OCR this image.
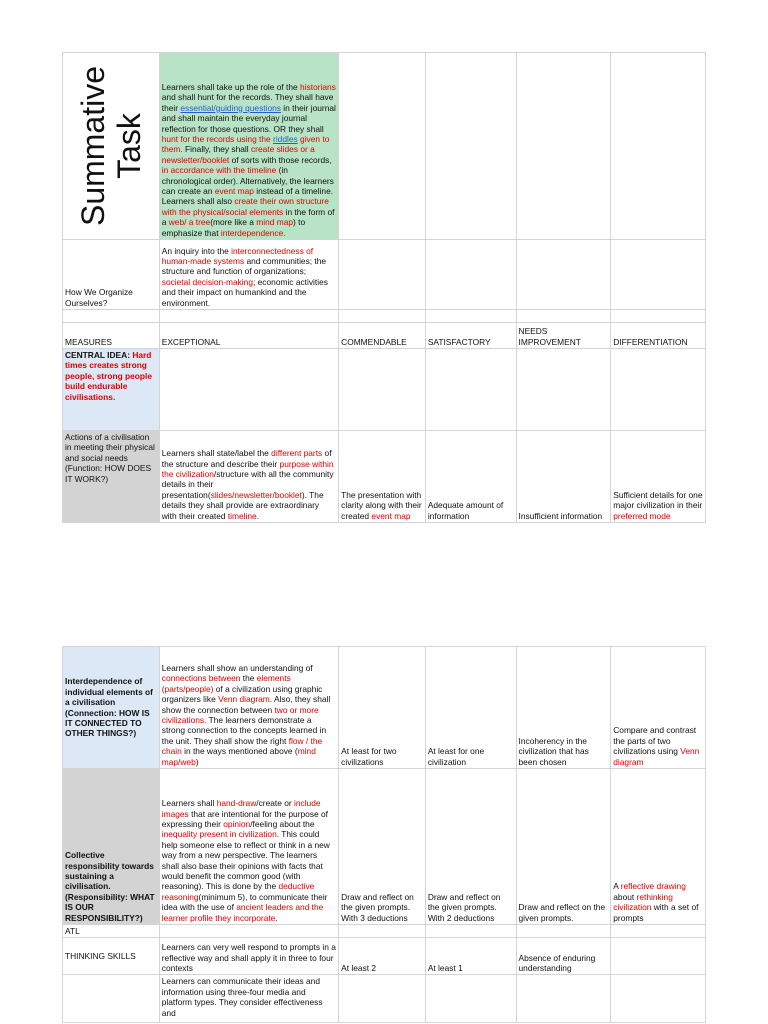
Summative
Task	Learners shall take up the role of the historians and shall hunt for the records. They shall have their essential/guiding questions in their journal and shall maintain the everyday journal reflection for those questions. OR they shall hunt for the records using the riddles given to them. Finally, they shall create slides or a newsletter/booklet of sorts with those records, in accordance with the timeline (in chronological order). Alternatively, the learners can create an event map instead of a timeline. Learners shall also create their own structure with the physical/social elements in the form of a web/ a tree(more like a mind map) to emphasize that interdependence.				
How We Organize Ourselves?	An inquiry into the interconnectedness of human-made systems and communities; the structure and function of organizations; societal decision-making; economic activities and their impact on humankind and the environment.				

MEASURES	EXCEPTIONAL	COMMENDABLE	SATISFACTORY	NEEDS IMPROVEMENT	DIFFERENTIATION
CENTRAL IDEA: Hard times creates strong people, strong people build endurable civilisations.					
Actions of a civilisation in meeting their physical and social needs (Function: HOW DOES IT WORK?)	Learners shall state/label the different parts of the structure and describe their purpose within the civilization/structure with all the community details in their presentation(slides/newsletter/booklet). The details they shall provide are extraordinary with their created timeline.	The presentation with clarity along with their created event map	Adequate amount of information	Insufficient information	Sufficient details for one major civilization in their preferred mode
Interdependence of individual elements of a civilisation (Connection: HOW IS IT CONNECTED TO OTHER THINGS?)	Learners shall show an understanding of connections between the elements (parts/people) of a civilization using graphic organizers like Venn diagram. Also, they shall show the connection between two or more civilizations. The learners demonstrate a strong connection to the concepts learned in the unit. They shall show the right flow / the chain in the ways mentioned above (mind map/web)	At least for two civilizations	At least for one civilization	Incoherency in the civilization that has been chosen	Compare and contrast the parts of two civilizations using Venn diagram
Collective responsibility towards sustaining a civilisation. (Responsibility: WHAT IS OUR RESPONSIBILITY?)	Learners shall hand-draw/create or include images that are intentional for the purpose of expressing their opinion/feeling about the inequality present in civilization. This could help someone else to reflect or think in a new way from a new perspective. The learners shall also base their opinions with facts that would benefit the common good (with reasoning). This is done by the deductive reasoning(minimum 5), to communicate their idea with the use of ancient leaders and the learner profile they incorporate.	Draw and reflect on the given prompts. With 3 deductions	Draw and reflect on the given prompts. With 2 deductions	Draw and reflect on the given prompts.	A reflective drawing about rethinking civilization with a set of prompts
ATL					
THINKING SKILLS	Learners can very well respond to prompts in a reflective way and shall apply it in three to four contexts	At least 2	At least 1	Absence of enduring understanding	
	Learners can communicate their ideas and information using three-four media and platform types. They consider effectiveness and				
